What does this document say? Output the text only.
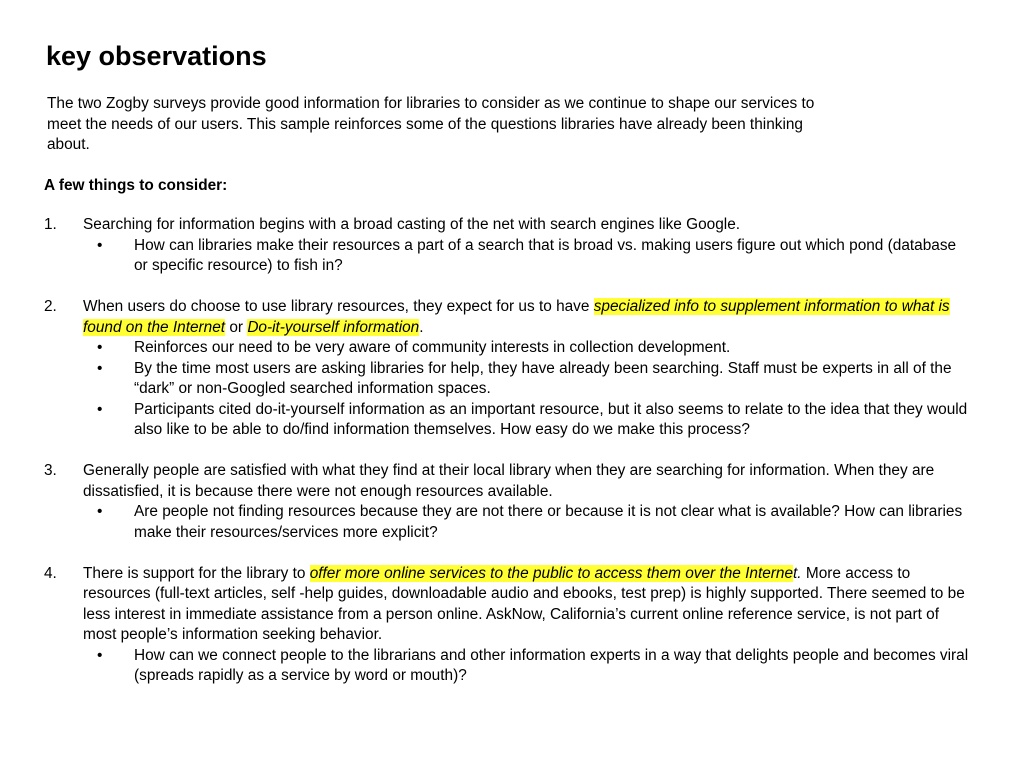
key observations
The two Zogby surveys provide good information for libraries to consider as we continue to shape our services to meet the needs of our users. This sample reinforces some of the questions libraries have already been thinking about.
A few things to consider:
1. Searching for information begins with a broad casting of the net with search engines like Google.
• How can libraries make their resources a part of a search that is broad vs. making users figure out which pond (database or specific resource) to fish in?
2. When users do choose to use library resources, they expect for us to have specialized info to supplement information to what is found on the Internet or Do-it-yourself information.
• Reinforces our need to be very aware of community interests in collection development.
• By the time most users are asking libraries for help, they have already been searching. Staff must be experts in all of the “dark” or non-Googled searched information spaces.
• Participants cited do-it-yourself information as an important resource, but it also seems to relate to the idea that they would also like to be able to do/find information themselves. How easy do we make this process?
3. Generally people are satisfied with what they find at their local library when they are searching for information. When they are dissatisfied, it is because there were not enough resources available.
• Are people not finding resources because they are not there or because it is not clear what is available? How can libraries make their resources/services more explicit?
4. There is support for the library to offer more online services to the public to access them over the Internet. More access to resources (full-text articles, self -help guides, downloadable audio and ebooks, test prep) is highly supported. There seemed to be less interest in immediate assistance from a person online. AskNow, California’s current online reference service, is not part of most people’s information seeking behavior.
• How can we connect people to the librarians and other information experts in a way that delights people and becomes viral (spreads rapidly as a service by word or mouth)?
